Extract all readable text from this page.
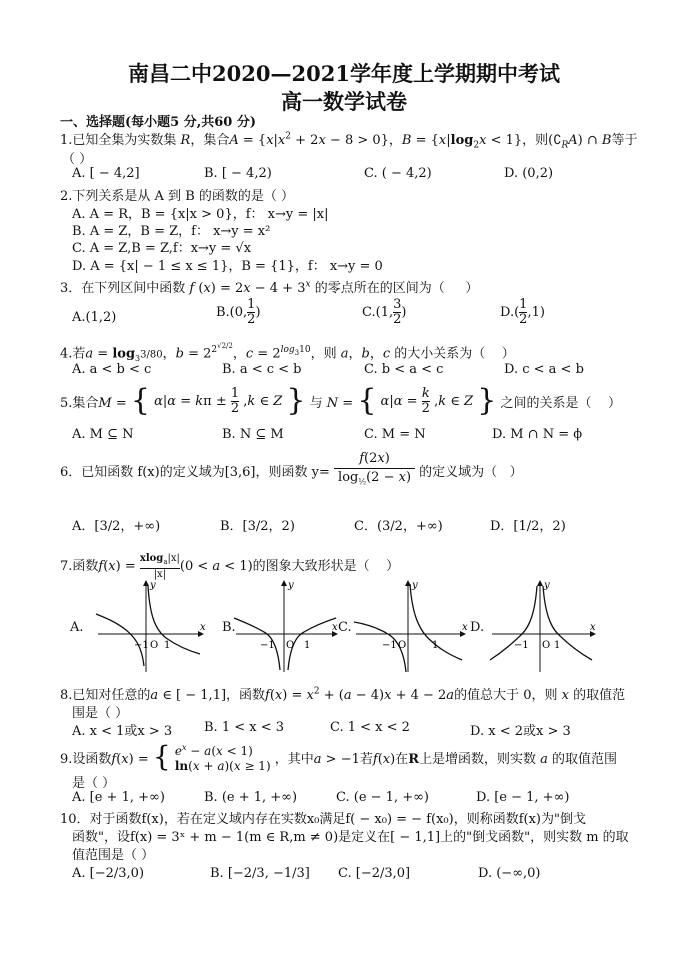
南昌二中2020—2021学年度上学期期中考试
高一数学试卷
一、选择题(每小题5 分,共60 分)
1.已知全集为实数集 R，集合$A = \{x|x^2 + 2x - 8 > 0\}$，$B = \{x|\log_2x < 1\}$，则$(∁_RA)$ ∩ B等于
（ ）
A. [ − 4,2]	B. [ − 4,2)	C. ( − 4,2)	D. (0,2)
2.下列关系是从 A 到 B 的函数的是（ ）
A. A = R，B = {x|x > 0}，f： x→y = |x|
B. A = Z，B = Z，f： x→y = x²
C. A = Z,B = Z,f：x→y = √x
D. A = {x| − 1 ≤ x ≤ 1}，B = {1}，f： x→y = 0
3．在下列区间中函数 f $(x) = 2x - 4 + 3^x$ 的零点所在的区间为（     ）
A.(1,2)	B.(0, $\frac{1}{2}$ )	C.(1, $\frac{3}{2}$ )	$D.( \frac{1}{2} ,1)$
4.若$a = \log_33/80$，$b = 2^{2^{√2/2}}$，$c = 2^{log_310}$，则 a，b，c 的大小关系为（    ）
A. a < b < c	B. a < c < b	C. b < a < c	D. c < a < b
5.集合M = { $\alpha|\alpha = k\pi \pm \frac{1}{2} ,k$ ∈ Z } 与 N = { $\alpha|\alpha = \frac{k}{2} ,k$ ∈ Z } 之间的关系是（    ）
A. M ⊆ N	B. N ⊆ M	C. M = N	D. M ∩ N = ϕ
6．已知函数 f(x)的定义域为[3,6]，则函数 $y= \frac{f(2x)}{\log_{\frac{1}{2}}(2 - x)}$ 的定义域为（   ）
A．[3/2，+∞)	B．[3/2，2)	C．(3/2，+∞)	D．[1/2，2)
7.函数$f(x) = \frac{xlog_a|x|}{|x|} (0 < a < 1)$的图象大致形状是（    ）
A.	B.	C.	D.
−1 O 1
x
y
−1 O 1
x
y
−1 O	1
x
y
−1 O 1
x
y
8.已知对任意的a ∈ [ − 1,1]，函数$f(x) = x^2 + (a - 4)x + 4 - 2a$的值总大于 0，则 x 的取值范
围是（ ）
A. x < 1或x > 3 B. 1 < x < 3	C. 1 < x < 2	D. x < 2或x > 3
9.设函数f(x) = { $e^x - a(x < 1)$
ln(x + a)(x ≥ 1) ，其中a > −1若f(x)在R上是增函数，则实数 a 的取值范围
是（ ）
A. [e + 1, +∞)	B. (e + 1, +∞)	C. (e − 1, +∞)	D. [e − 1, +∞)
10．对于函数f(x)，若在定义域内存在实数x₀满足f( − x₀) = − f(x₀)，则称函数f(x)为"倒戈
函数"，设f(x) = 3ˣ + m − 1(m ∈ R,m ≠ 0)是定义在[ − 1,1]上的"倒戈函数"，则实数 m 的取
值范围是（ ）
A. [−2/3,0)	B. [−2/3, −1/3] C. [−2/3,0]	D. (−∞,0)
